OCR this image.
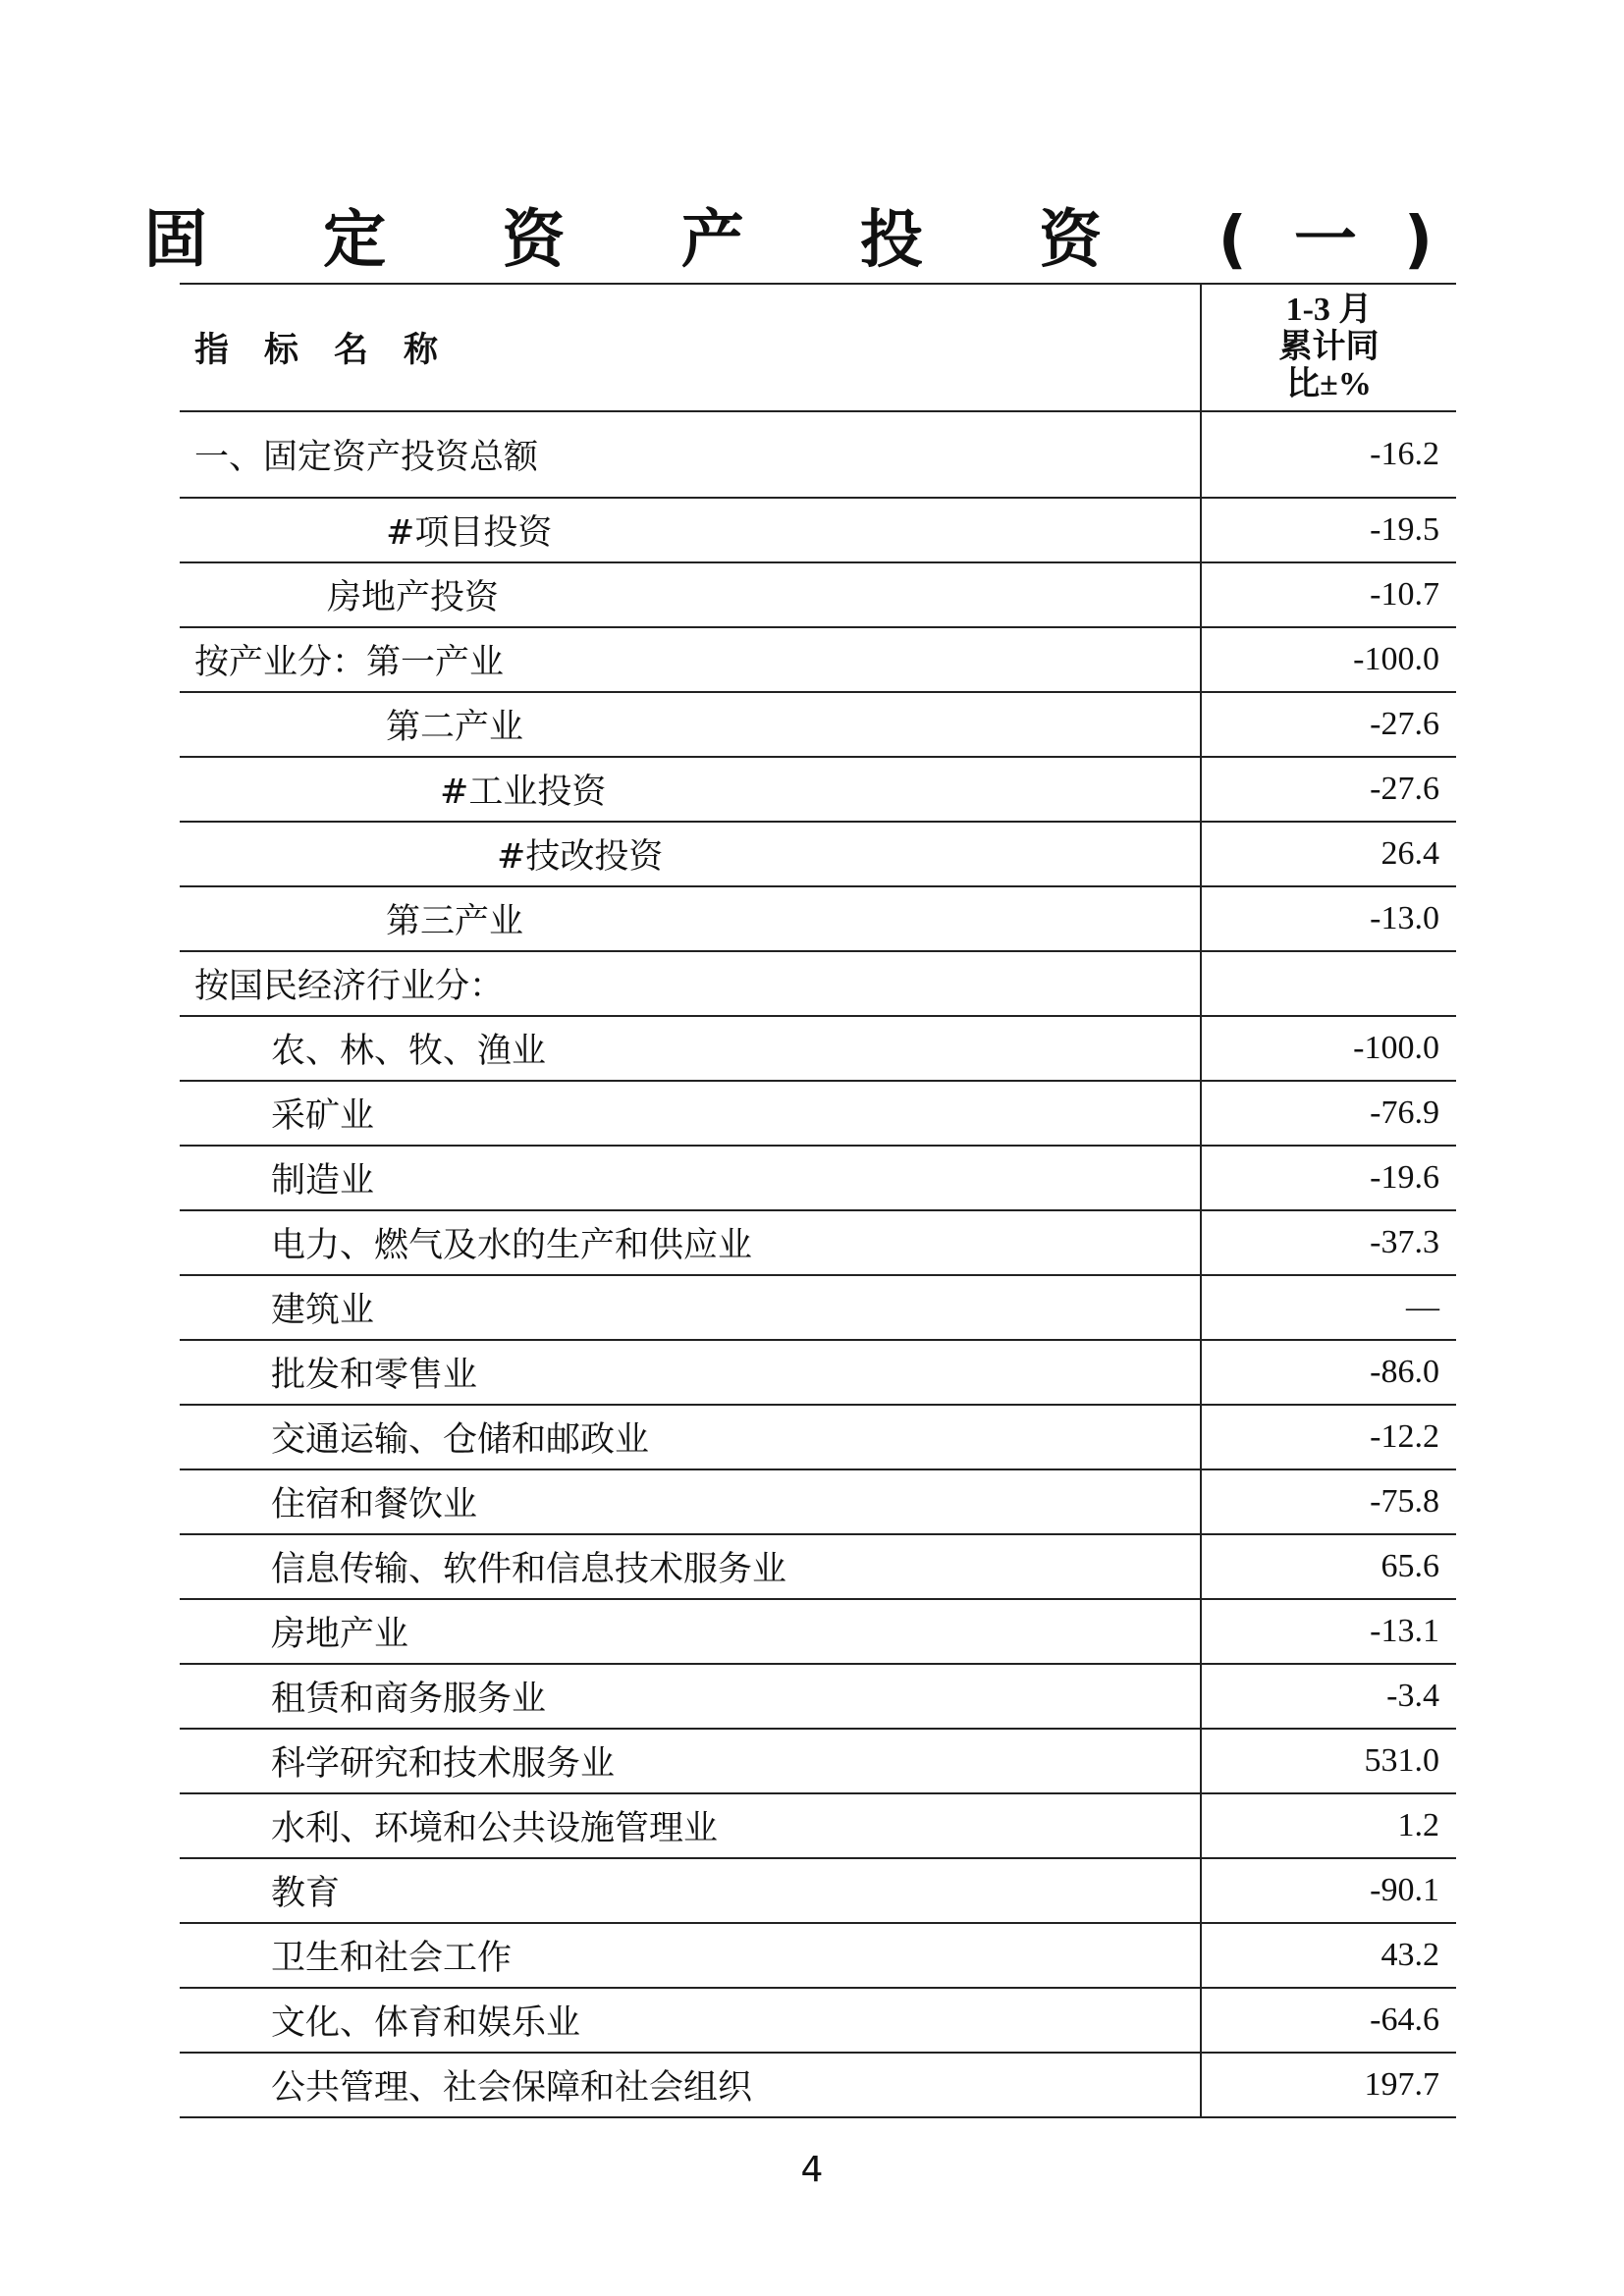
固 定 资 产 投 资 (一)
指标名称	1-3 月
累计同
比±%

一、固定资产投资总额	-16.2
#项目投资	-19.5
房地产投资	-10.7
按产业分：第一产业	-100.0
第二产业	-27.6
#工业投资	-27.6
#技改投资	26.4
第三产业	-13.0
按国民经济行业分：	
农、林、牧、渔业	-100.0
采矿业	-76.9
制造业	-19.6
电力、燃气及水的生产和供应业	-37.3
建筑业	—
批发和零售业	-86.0
交通运输、仓储和邮政业	-12.2
住宿和餐饮业	-75.8
信息传输、软件和信息技术服务业	65.6
房地产业	-13.1
租赁和商务服务业	-3.4
科学研究和技术服务业	531.0
水利、环境和公共设施管理业	1.2
教育	-90.1
卫生和社会工作	43.2
文化、体育和娱乐业	-64.6
公共管理、社会保障和社会组织	197.7
4
